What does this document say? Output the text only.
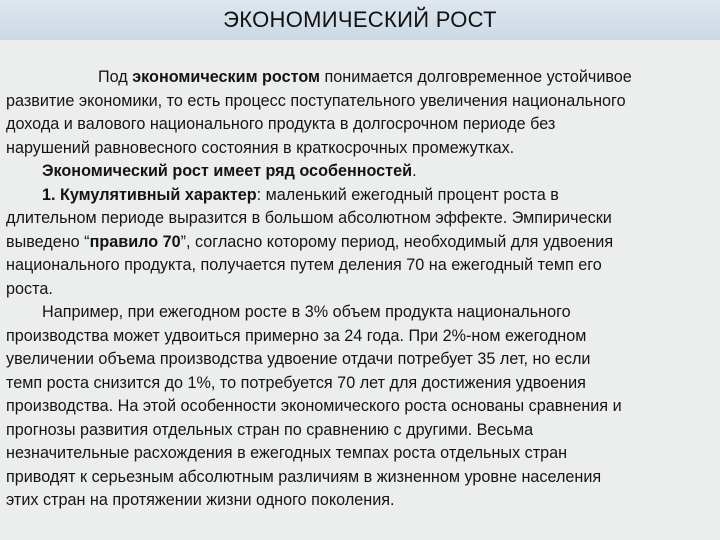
ЭКОНОМИЧЕСКИЙ РОСТ
Под экономическим ростом понимается долговременное устойчивое
развитие экономики, то есть процесс поступательного увеличения национального
дохода и валового национального продукта в долгосрочном периоде без
нарушений равновесного состояния в краткосрочных промежутках.
Экономический рост имеет ряд особенностей.
1. Кумулятивный характер: маленький ежегодный процент роста в
длительном периоде выразится в большом абсолютном эффекте. Эмпирически
выведено “правило 70”, согласно которому период, необходимый для удвоения
национального продукта, получается путем деления 70 на ежегодный темп его
роста.
Например, при ежегодном росте в 3% объем продукта национального
производства может удвоиться примерно за 24 года. При 2%-ном ежегодном
увеличении объема производства удвоение отдачи потребует 35 лет, но если
темп роста снизится до 1%, то потребуется 70 лет для достижения удвоения
производства. На этой особенности экономического роста основаны сравнения и
прогнозы развития отдельных стран по сравнению с другими. Весьма
незначительные расхождения в ежегодных темпах роста отдельных стран
приводят к серьезным абсолютным различиям в жизненном уровне населения
этих стран на протяжении жизни одного поколения.
